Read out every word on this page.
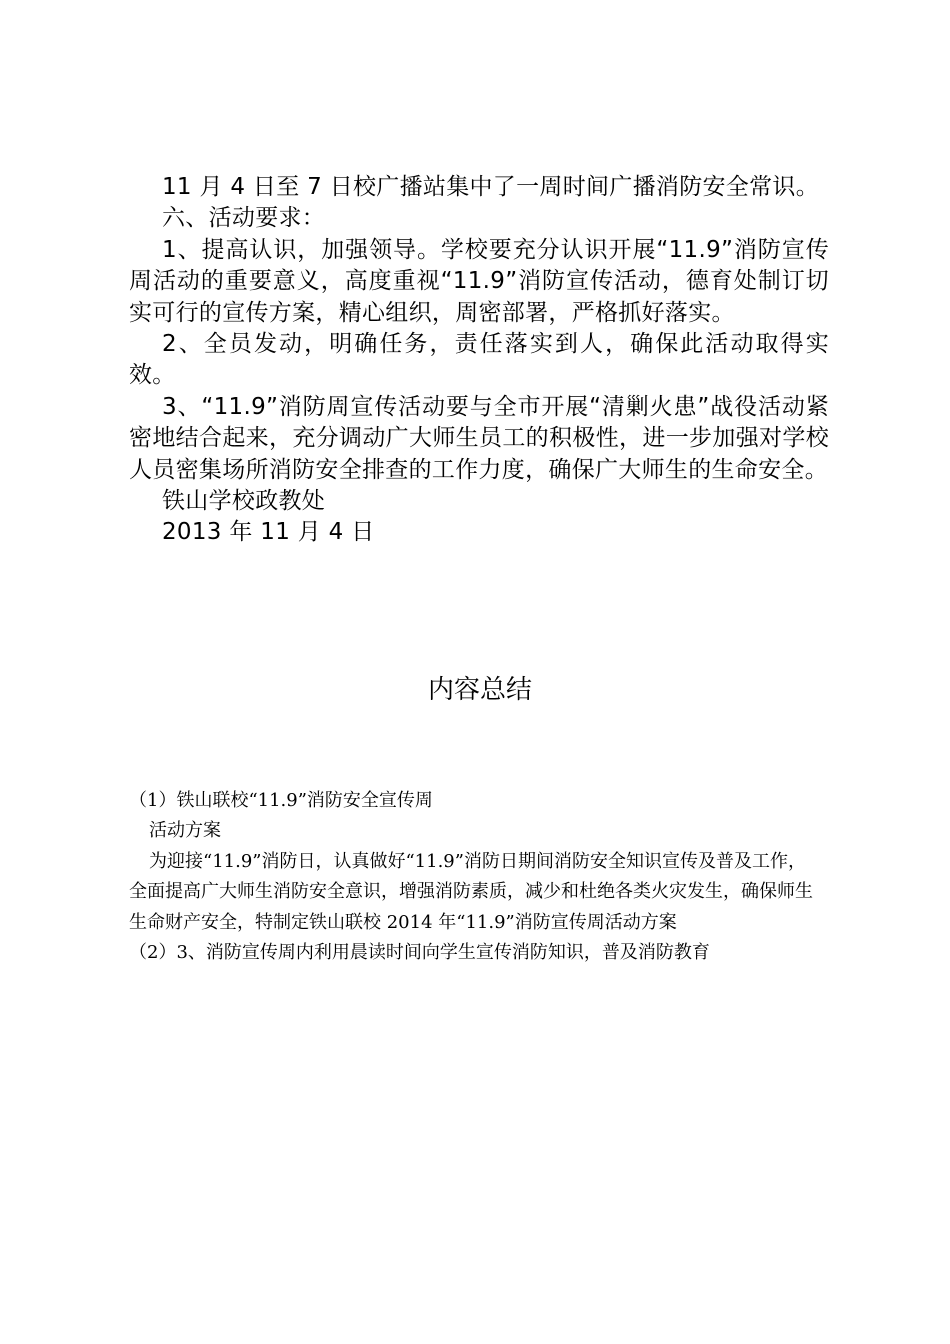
11 月 4 日至 7 日校广播站集中了一周时间广播消防安全常识。

六、活动要求：

1、提高认识，加强领导。学校要充分认识开展“11.9”消防宣传周活动的重要意义，高度重视“11.9”消防宣传活动，德育处制订切实可行的宣传方案，精心组织，周密部署，严格抓好落实。

2、全员发动，明确任务，责任落实到人，确保此活动取得实效。

3、“11.9”消防周宣传活动要与全市开展“清剿火患”战役活动紧密地结合起来，充分调动广大师生员工的积极性，进一步加强对学校人员密集场所消防安全排查的工作力度，确保广大师生的生命安全。

铁山学校政教处

2013 年 11 月 4 日

内容总结

（1）铁山联校“11.9”消防安全宣传周

活动方案

为迎接“11.9”消防日，认真做好“11.9”消防日期间消防安全知识宣传及普及工作，全面提高广大师生消防安全意识，增强消防素质，减少和杜绝各类火灾发生，确保师生生命财产安全，特制定铁山联校 2014 年“11.9”消防宣传周活动方案

（2）3、消防宣传周内利用晨读时间向学生宣传消防知识，普及消防教育
